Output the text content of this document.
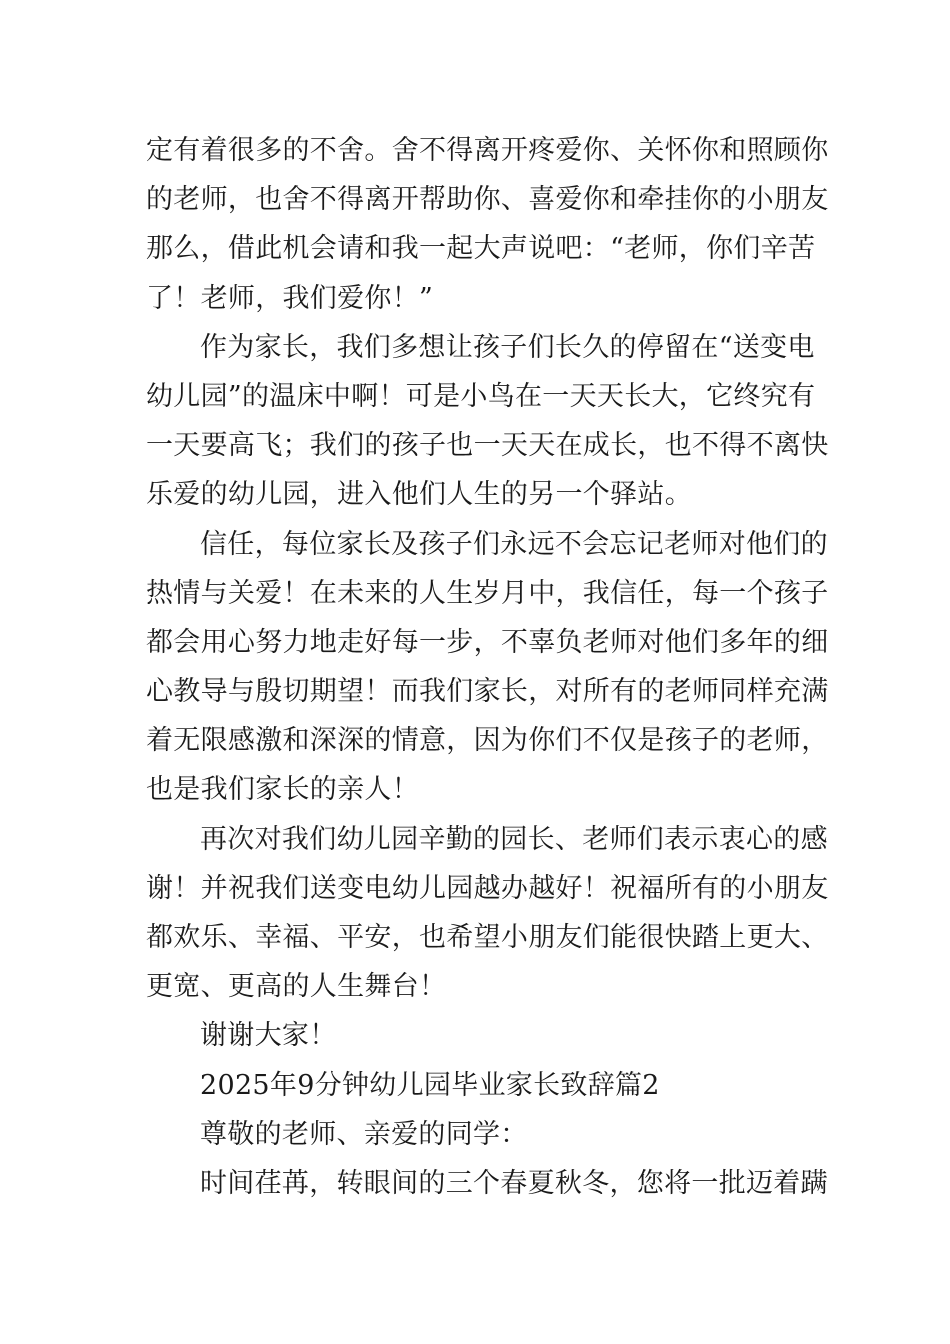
定有着很多的不舍。舍不得离开疼爱你、关怀你和照顾你
的老师，也舍不得离开帮助你、喜爱你和牵挂你的小朋友
那么，借此机会请和我一起大声说吧：“老师，你们辛苦
了！老师，我们爱你！”
作为家长，我们多想让孩子们长久的停留在“送变电
幼儿园”的温床中啊！可是小鸟在一天天长大，它终究有
一天要高飞；我们的孩子也一天天在成长，也不得不离快
乐爱的幼儿园，进入他们人生的另一个驿站。
信任，每位家长及孩子们永远不会忘记老师对他们的
热情与关爱！在未来的人生岁月中，我信任，每一个孩子
都会用心努力地走好每一步，不辜负老师对他们多年的细
心教导与殷切期望！而我们家长，对所有的老师同样充满
着无限感激和深深的情意，因为你们不仅是孩子的老师，
也是我们家长的亲人！
再次对我们幼儿园辛勤的园长、老师们表示衷心的感
谢！并祝我们送变电幼儿园越办越好！祝福所有的小朋友
都欢乐、幸福、平安，也希望小朋友们能很快踏上更大、
更宽、更高的人生舞台！
谢谢大家！
2025年9分钟幼儿园毕业家长致辞篇2
尊敬的老师、亲爱的同学：
时间荏苒，转眼间的三个春夏秋冬，您将一批迈着蹒
